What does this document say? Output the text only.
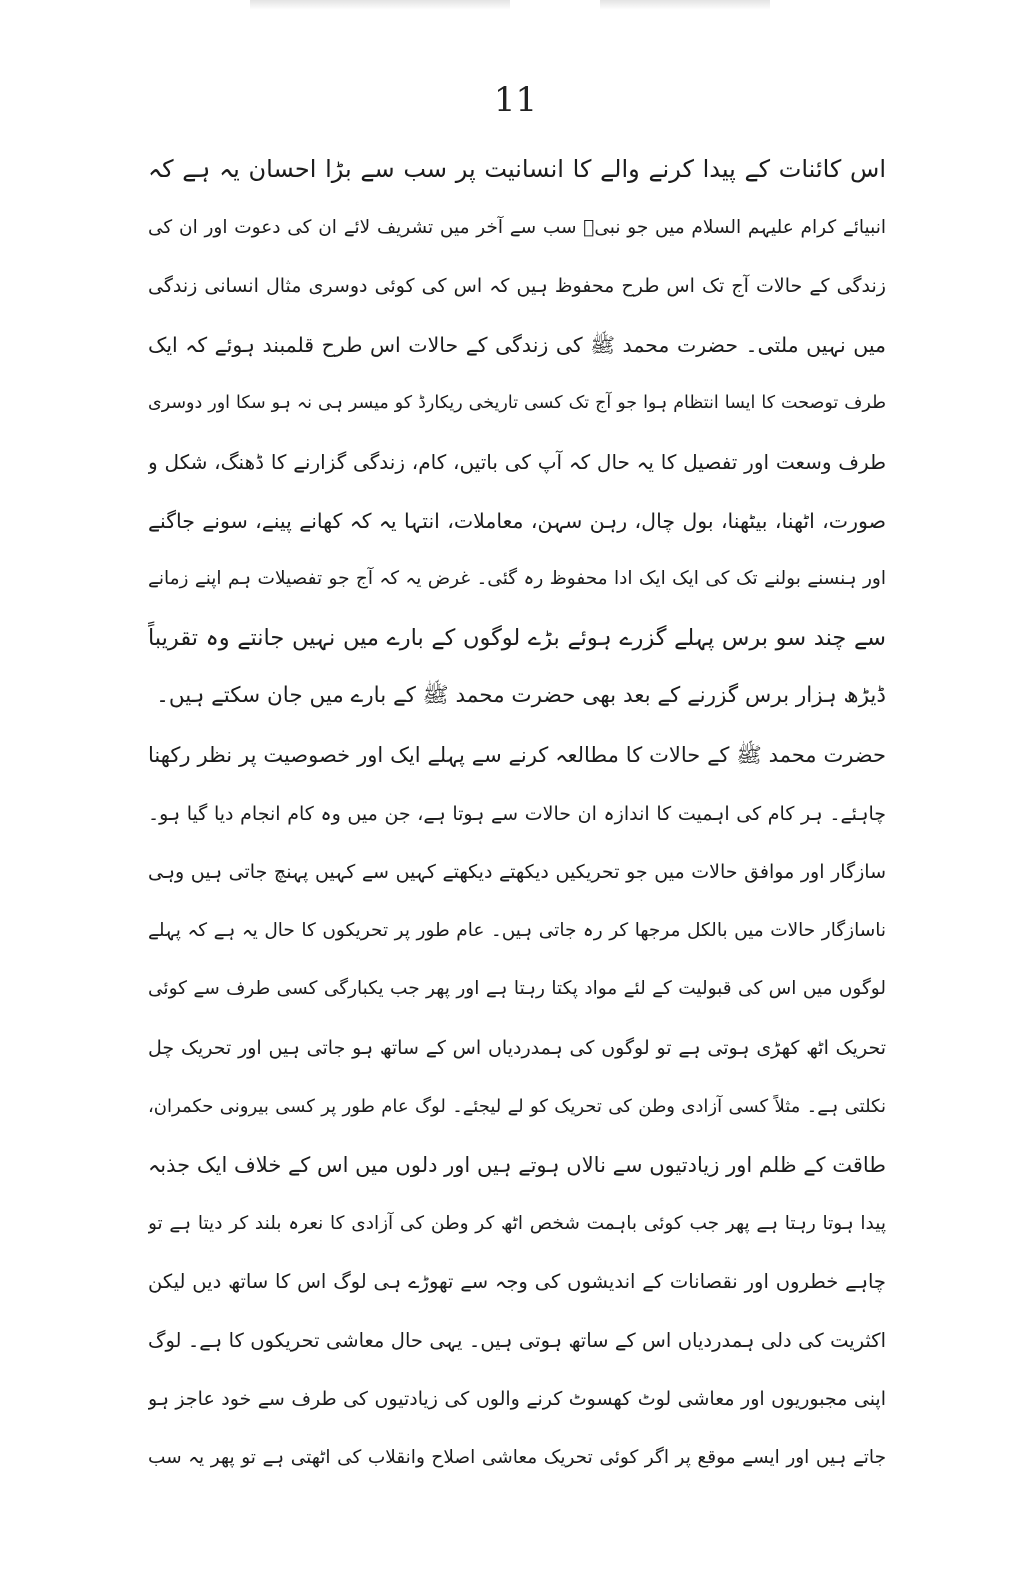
11
اس کائنات کے پیدا کرنے والے کا انسانیت پر سب سے بڑا احسان یہ ہے کہ
انبیائے کرام علیہم السلام میں جو نبیؐ سب سے آخر میں تشریف لائے ان کی دعوت اور ان کی
زندگی کے حالات آج تک اس طرح محفوظ ہیں کہ اس کی کوئی دوسری مثال انسانی زندگی
میں نہیں ملتی۔ حضرت محمد ﷺ کی زندگی کے حالات اس طرح قلمبند ہوئے کہ ایک
طرف توصحت کا ایسا انتظام ہوا جو آج تک کسی تاریخی ریکارڈ کو میسر ہی نہ ہو سکا اور دوسری
طرف وسعت اور تفصیل کا یہ حال کہ آپ کی باتیں، کام، زندگی گزارنے کا ڈھنگ، شکل و
صورت، اٹھنا، بیٹھنا، بول چال، رہن سہن، معاملات، انتہا یہ کہ کھانے پینے، سونے جاگنے
اور ہنسنے بولنے تک کی ایک ایک ادا محفوظ رہ گئی۔ غرض یہ کہ آج جو تفصیلات ہم اپنے زمانے
سے چند سو برس پہلے گزرے ہوئے بڑے لوگوں کے بارے میں نہیں جانتے وہ تقریباً
ڈیڑھ ہزار برس گزرنے کے بعد بھی حضرت محمد ﷺ کے بارے میں جان سکتے ہیں۔
حضرت محمد ﷺ کے حالات کا مطالعہ کرنے سے پہلے ایک اور خصوصیت پر نظر رکھنا
چاہئے۔ ہر کام کی اہمیت کا اندازہ ان حالات سے ہوتا ہے، جن میں وہ کام انجام دیا گیا ہو۔
سازگار اور موافق حالات میں جو تحریکیں دیکھتے دیکھتے کہیں سے کہیں پہنچ جاتی ہیں وہی
ناسازگار حالات میں بالکل مرجھا کر رہ جاتی ہیں۔ عام طور پر تحریکوں کا حال یہ ہے کہ پہلے
لوگوں میں اس کی قبولیت کے لئے مواد پکتا رہتا ہے اور پھر جب یکبارگی کسی طرف سے کوئی
تحریک اٹھ کھڑی ہوتی ہے تو لوگوں کی ہمدردیاں اس کے ساتھ ہو جاتی ہیں اور تحریک چل
نکلتی ہے۔ مثلاً کسی آزادی وطن کی تحریک کو لے لیجئے۔ لوگ عام طور پر کسی بیرونی حکمران،
طاقت کے ظلم اور زیادتیوں سے نالاں ہوتے ہیں اور دلوں میں اس کے خلاف ایک جذبہ
پیدا ہوتا رہتا ہے پھر جب کوئی باہمت شخص اٹھ کر وطن کی آزادی کا نعرہ بلند کر دیتا ہے تو
چاہے خطروں اور نقصانات کے اندیشوں کی وجہ سے تھوڑے ہی لوگ اس کا ساتھ دیں لیکن
اکثریت کی دلی ہمدردیاں اس کے ساتھ ہوتی ہیں۔ یہی حال معاشی تحریکوں کا ہے۔ لوگ
اپنی مجبوریوں اور معاشی لوٹ کھسوٹ کرنے والوں کی زیادتیوں کی طرف سے خود عاجز ہو
جاتے ہیں اور ایسے موقع پر اگر کوئی تحریک معاشی اصلاح وانقلاب کی اٹھتی ہے تو پھر یہ سب
